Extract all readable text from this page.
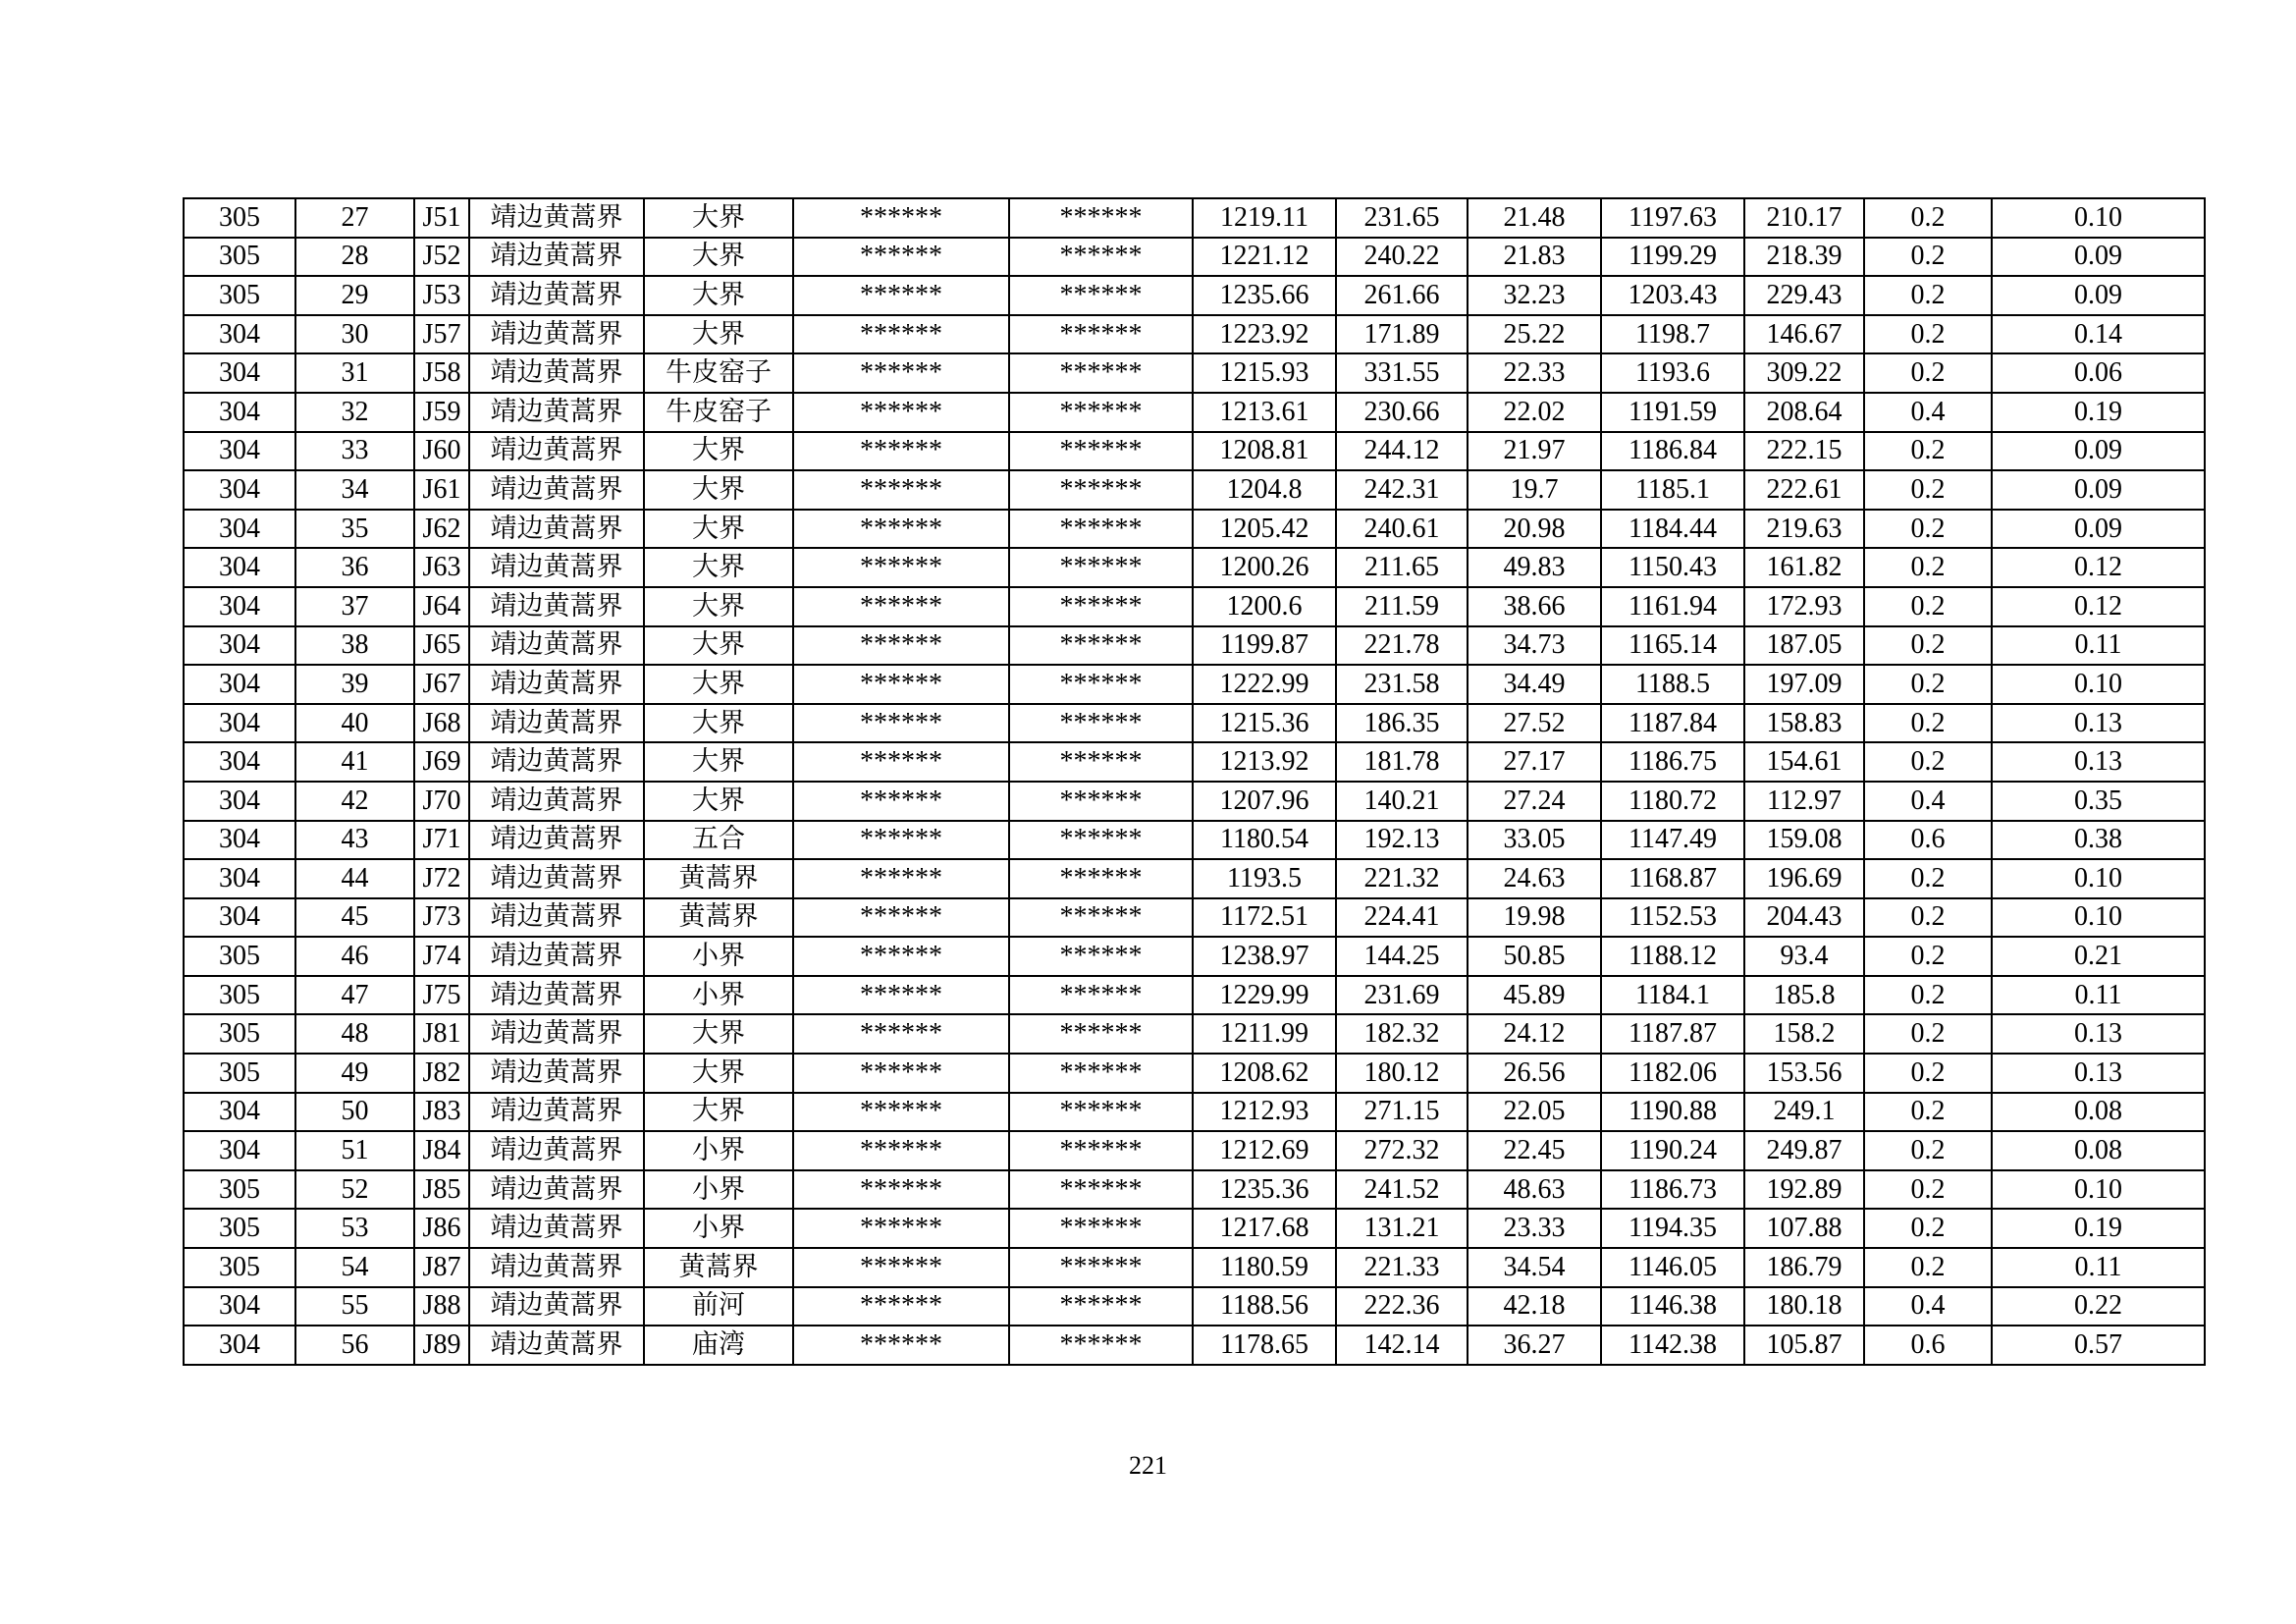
305	27	J51	靖边黄蒿界	大界	******	******	1219.11	231.65	21.48	1197.63	210.17	0.2	0.10
305	28	J52	靖边黄蒿界	大界	******	******	1221.12	240.22	21.83	1199.29	218.39	0.2	0.09
305	29	J53	靖边黄蒿界	大界	******	******	1235.66	261.66	32.23	1203.43	229.43	0.2	0.09
304	30	J57	靖边黄蒿界	大界	******	******	1223.92	171.89	25.22	1198.7	146.67	0.2	0.14
304	31	J58	靖边黄蒿界	牛皮窑子	******	******	1215.93	331.55	22.33	1193.6	309.22	0.2	0.06
304	32	J59	靖边黄蒿界	牛皮窑子	******	******	1213.61	230.66	22.02	1191.59	208.64	0.4	0.19
304	33	J60	靖边黄蒿界	大界	******	******	1208.81	244.12	21.97	1186.84	222.15	0.2	0.09
304	34	J61	靖边黄蒿界	大界	******	******	1204.8	242.31	19.7	1185.1	222.61	0.2	0.09
304	35	J62	靖边黄蒿界	大界	******	******	1205.42	240.61	20.98	1184.44	219.63	0.2	0.09
304	36	J63	靖边黄蒿界	大界	******	******	1200.26	211.65	49.83	1150.43	161.82	0.2	0.12
304	37	J64	靖边黄蒿界	大界	******	******	1200.6	211.59	38.66	1161.94	172.93	0.2	0.12
304	38	J65	靖边黄蒿界	大界	******	******	1199.87	221.78	34.73	1165.14	187.05	0.2	0.11
304	39	J67	靖边黄蒿界	大界	******	******	1222.99	231.58	34.49	1188.5	197.09	0.2	0.10
304	40	J68	靖边黄蒿界	大界	******	******	1215.36	186.35	27.52	1187.84	158.83	0.2	0.13
304	41	J69	靖边黄蒿界	大界	******	******	1213.92	181.78	27.17	1186.75	154.61	0.2	0.13
304	42	J70	靖边黄蒿界	大界	******	******	1207.96	140.21	27.24	1180.72	112.97	0.4	0.35
304	43	J71	靖边黄蒿界	五合	******	******	1180.54	192.13	33.05	1147.49	159.08	0.6	0.38
304	44	J72	靖边黄蒿界	黄蒿界	******	******	1193.5	221.32	24.63	1168.87	196.69	0.2	0.10
304	45	J73	靖边黄蒿界	黄蒿界	******	******	1172.51	224.41	19.98	1152.53	204.43	0.2	0.10
305	46	J74	靖边黄蒿界	小界	******	******	1238.97	144.25	50.85	1188.12	93.4	0.2	0.21
305	47	J75	靖边黄蒿界	小界	******	******	1229.99	231.69	45.89	1184.1	185.8	0.2	0.11
305	48	J81	靖边黄蒿界	大界	******	******	1211.99	182.32	24.12	1187.87	158.2	0.2	0.13
305	49	J82	靖边黄蒿界	大界	******	******	1208.62	180.12	26.56	1182.06	153.56	0.2	0.13
304	50	J83	靖边黄蒿界	大界	******	******	1212.93	271.15	22.05	1190.88	249.1	0.2	0.08
304	51	J84	靖边黄蒿界	小界	******	******	1212.69	272.32	22.45	1190.24	249.87	0.2	0.08
305	52	J85	靖边黄蒿界	小界	******	******	1235.36	241.52	48.63	1186.73	192.89	0.2	0.10
305	53	J86	靖边黄蒿界	小界	******	******	1217.68	131.21	23.33	1194.35	107.88	0.2	0.19
305	54	J87	靖边黄蒿界	黄蒿界	******	******	1180.59	221.33	34.54	1146.05	186.79	0.2	0.11
304	55	J88	靖边黄蒿界	前河	******	******	1188.56	222.36	42.18	1146.38	180.18	0.4	0.22
304	56	J89	靖边黄蒿界	庙湾	******	******	1178.65	142.14	36.27	1142.38	105.87	0.6	0.57
221
